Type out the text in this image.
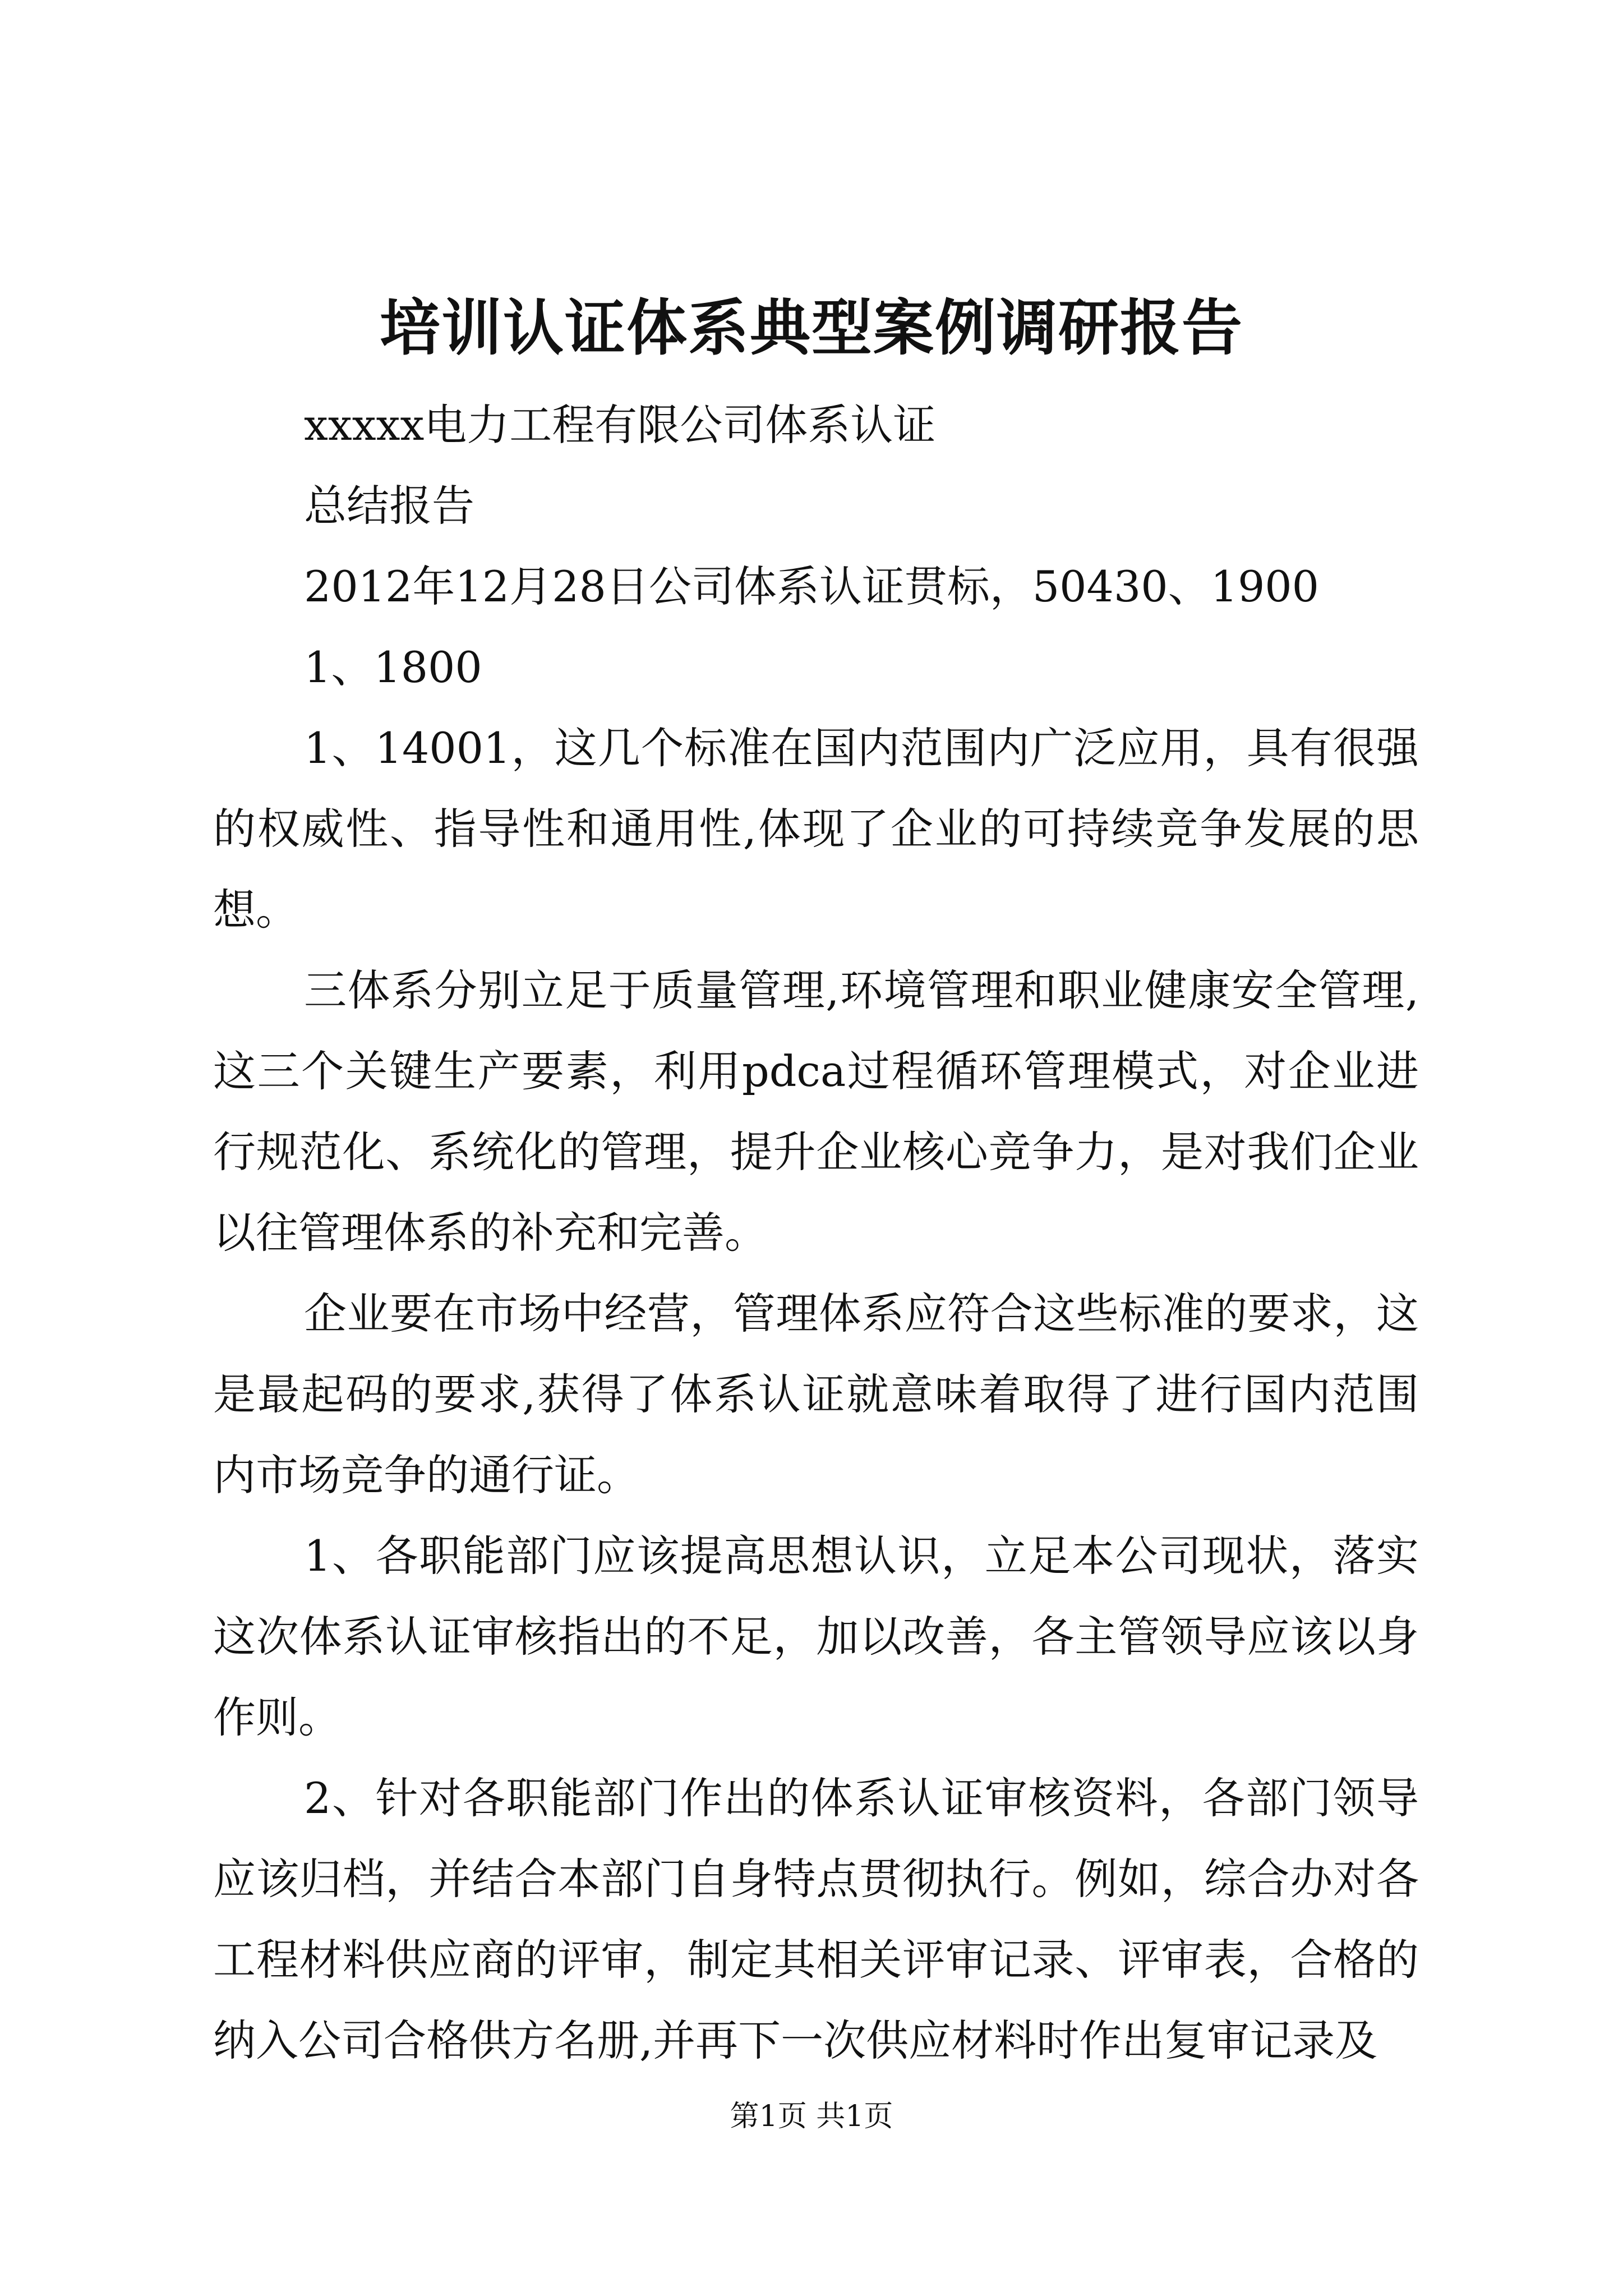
培训认证体系典型案例调研报告

xxxxx电力工程有限公司体系认证

总结报告

2012年12月28日公司体系认证贯标，50430、1900

1、1800

1、14001，这几个标准在国内范围内广泛应用，具有很强的权威性、指导性和通用性,体现了企业的可持续竞争发展的思想。

三体系分别立足于质量管理,环境管理和职业健康安全管理,这三个关键生产要素，利用pdca过程循环管理模式，对企业进行规范化、系统化的管理，提升企业核心竞争力，是对我们企业以往管理体系的补充和完善。

企业要在市场中经营，管理体系应符合这些标准的要求，这是最起码的要求,获得了体系认证就意味着取得了进行国内范围内市场竞争的通行证。

1、各职能部门应该提高思想认识，立足本公司现状，落实这次体系认证审核指出的不足，加以改善，各主管领导应该以身作则。

2、针对各职能部门作出的体系认证审核资料，各部门领导应该归档，并结合本部门自身特点贯彻执行。例如，综合办对各工程材料供应商的评审，制定其相关评审记录、评审表，合格的纳入公司合格供方名册,并再下一次供应材料时作出复审记录及

第1页 共1页
